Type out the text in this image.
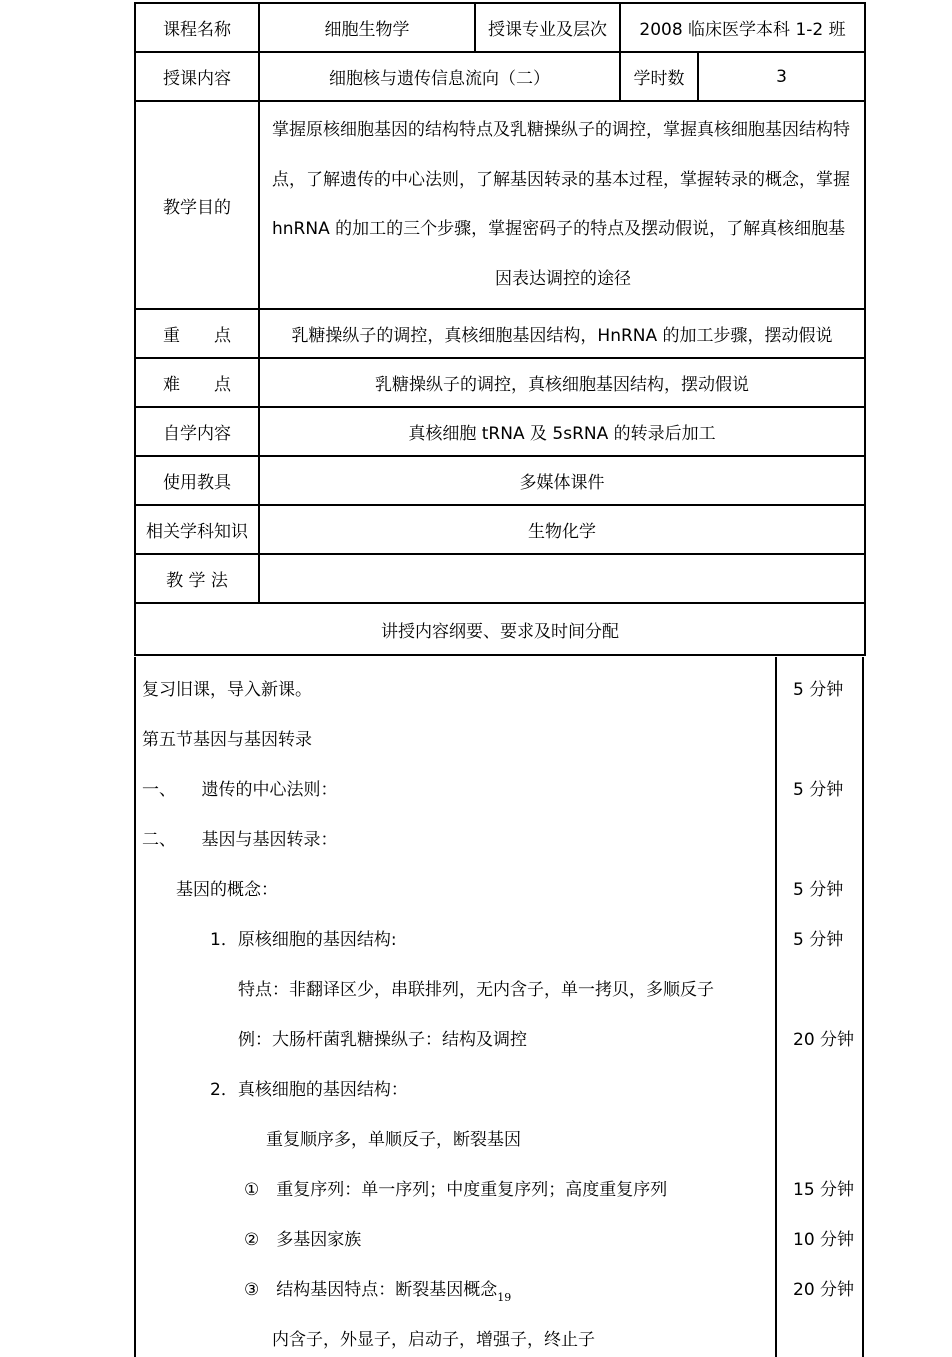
课程名称	细胞生物学	授课专业及层次	2008 临床医学本科 1-2 班	
授课内容	细胞核与遗传信息流向（二）		学时数	3
教学目的	掌握原核细胞基因的结构特点及乳糖操纵子的调控，掌握真核细胞基因结构特
点，了解遗传的中心法则，了解基因转录的基本过程，掌握转录的概念，掌握
hnRNA 的加工的三个步骤，掌握密码子的特点及摆动假说，了解真核细胞基
因表达调控的途径			

重　　点	乳糖操纵子的调控，真核细胞基因结构，HnRNA 的加工步骤，摆动假说			
难　　点	乳糖操纵子的调控，真核细胞基因结构，摆动假说			
自学内容	真核细胞 tRNA 及 5sRNA 的转录后加工			
使用教具	多媒体课件			
相关学科知识	生物化学			
教 学 法				
讲授内容纲要、要求及时间分配				
复习旧课，导入新课。	5 分钟
第五节基因与基因转录
一、　　遗传的中心法则：	5 分钟
二、　　基因与基因转录：
基因的概念：	5 分钟
1．原核细胞的基因结构:	5 分钟
特点：非翻译区少，串联排列，无内含子，单一拷贝，多顺反子
例：大肠杆菌乳糖操纵子：结构及调控	20 分钟
2．真核细胞的基因结构：
重复顺序多，单顺反子，断裂基因
①　重复序列：单一序列；中度重复序列；高度重复序列	15 分钟
②　多基因家族	10 分钟
③　结构基因特点：断裂基因概念$_{19}$	20 分钟
内含子，外显子，启动子，增强子，终止子
